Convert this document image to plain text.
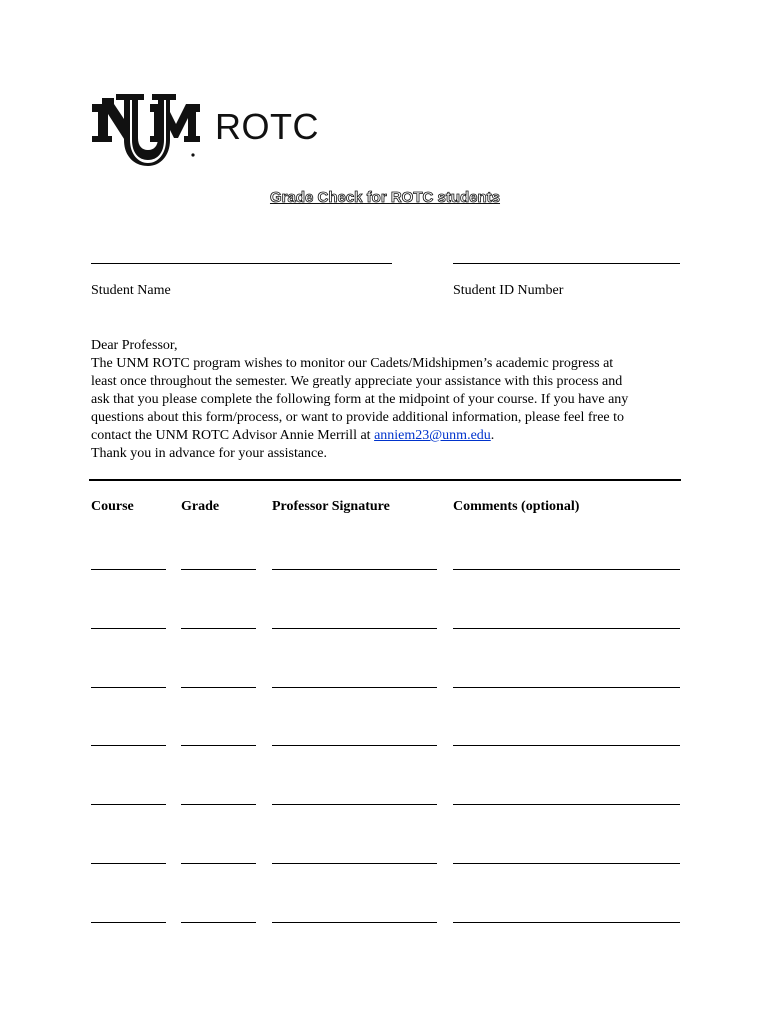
ROTC
Grade Check for ROTC students
Student Name	Student ID Number
Dear Professor,
The UNM ROTC program wishes to monitor our Cadets/Midshipmen’s academic progress at
least once throughout the semester. We greatly appreciate your assistance with this process and
ask that you please complete the following form at the midpoint of your course. If you have any
questions about this form/process, or want to provide additional information, please feel free to
contact the UNM ROTC Advisor Annie Merrill at anniem23@unm.edu.
Thank you in advance for your assistance.
Course	Grade	Professor Signature	Comments (optional)
